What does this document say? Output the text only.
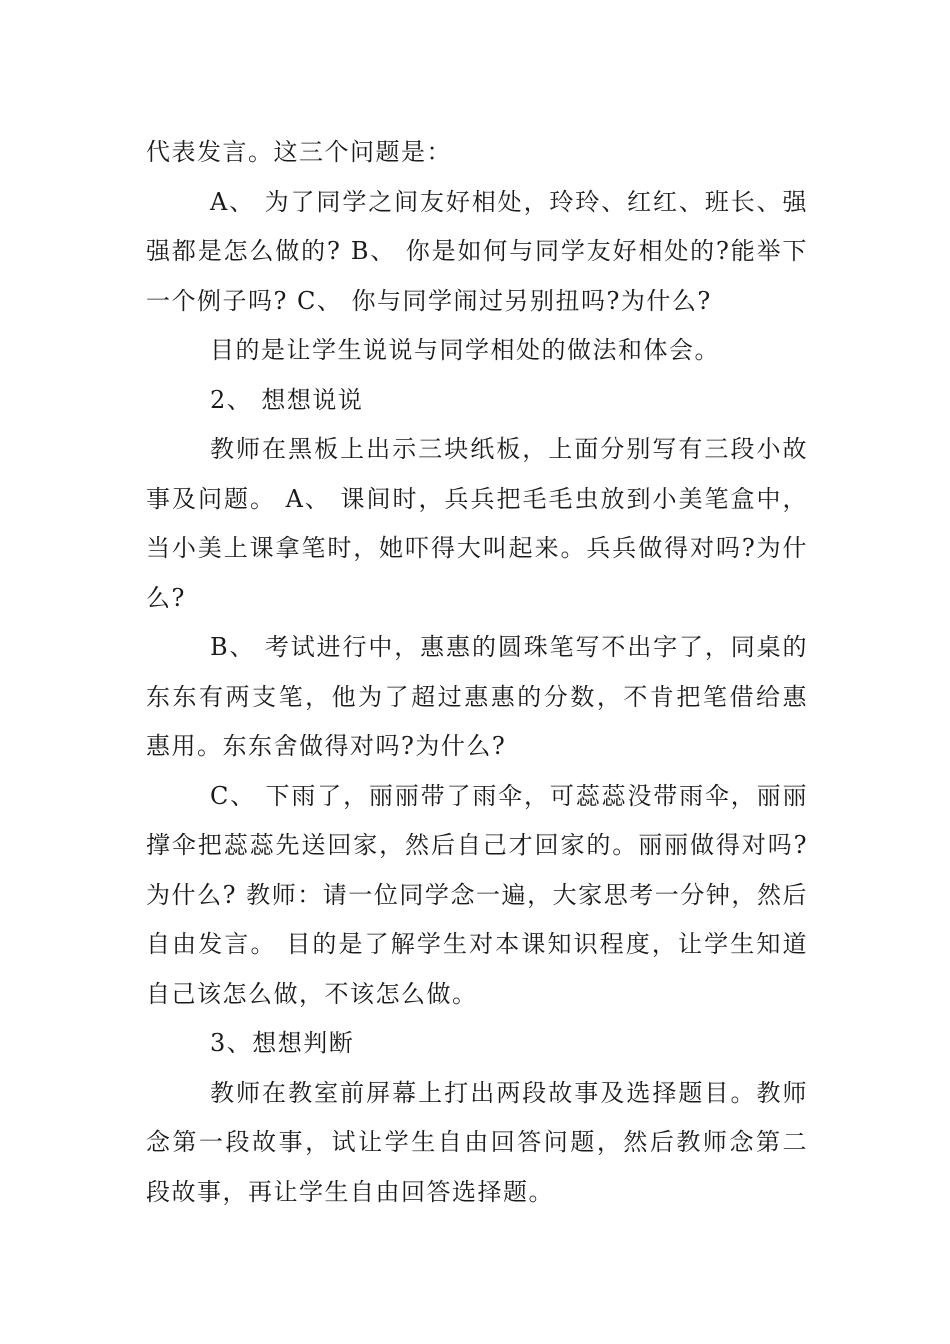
代表发言。这三个问题是：

A、 为了同学之间友好相处，玲玲、红红、班长、强强都是怎么做的? B、 你是如何与同学友好相处的?能举下一个例子吗? C、 你与同学闹过另别扭吗?为什么?

目的是让学生说说与同学相处的做法和体会。

2、 想想说说

教师在黑板上出示三块纸板，上面分别写有三段小故事及问题。 A、 课间时，兵兵把毛毛虫放到小美笔盒中，当小美上课拿笔时，她吓得大叫起来。兵兵做得对吗?为什么?

B、 考试进行中，惠惠的圆珠笔写不出字了，同桌的东东有两支笔，他为了超过惠惠的分数，不肯把笔借给惠惠用。东东舍做得对吗?为什么?

C、 下雨了，丽丽带了雨伞，可蕊蕊没带雨伞，丽丽撑伞把蕊蕊先送回家，然后自己才回家的。丽丽做得对吗?为什么? 教师：请一位同学念一遍，大家思考一分钟，然后自由发言。 目的是了解学生对本课知识程度，让学生知道自己该怎么做，不该怎么做。

3、想想判断

教师在教室前屏幕上打出两段故事及选择题目。教师念第一段故事，试让学生自由回答问题，然后教师念第二段故事，再让学生自由回答选择题。
